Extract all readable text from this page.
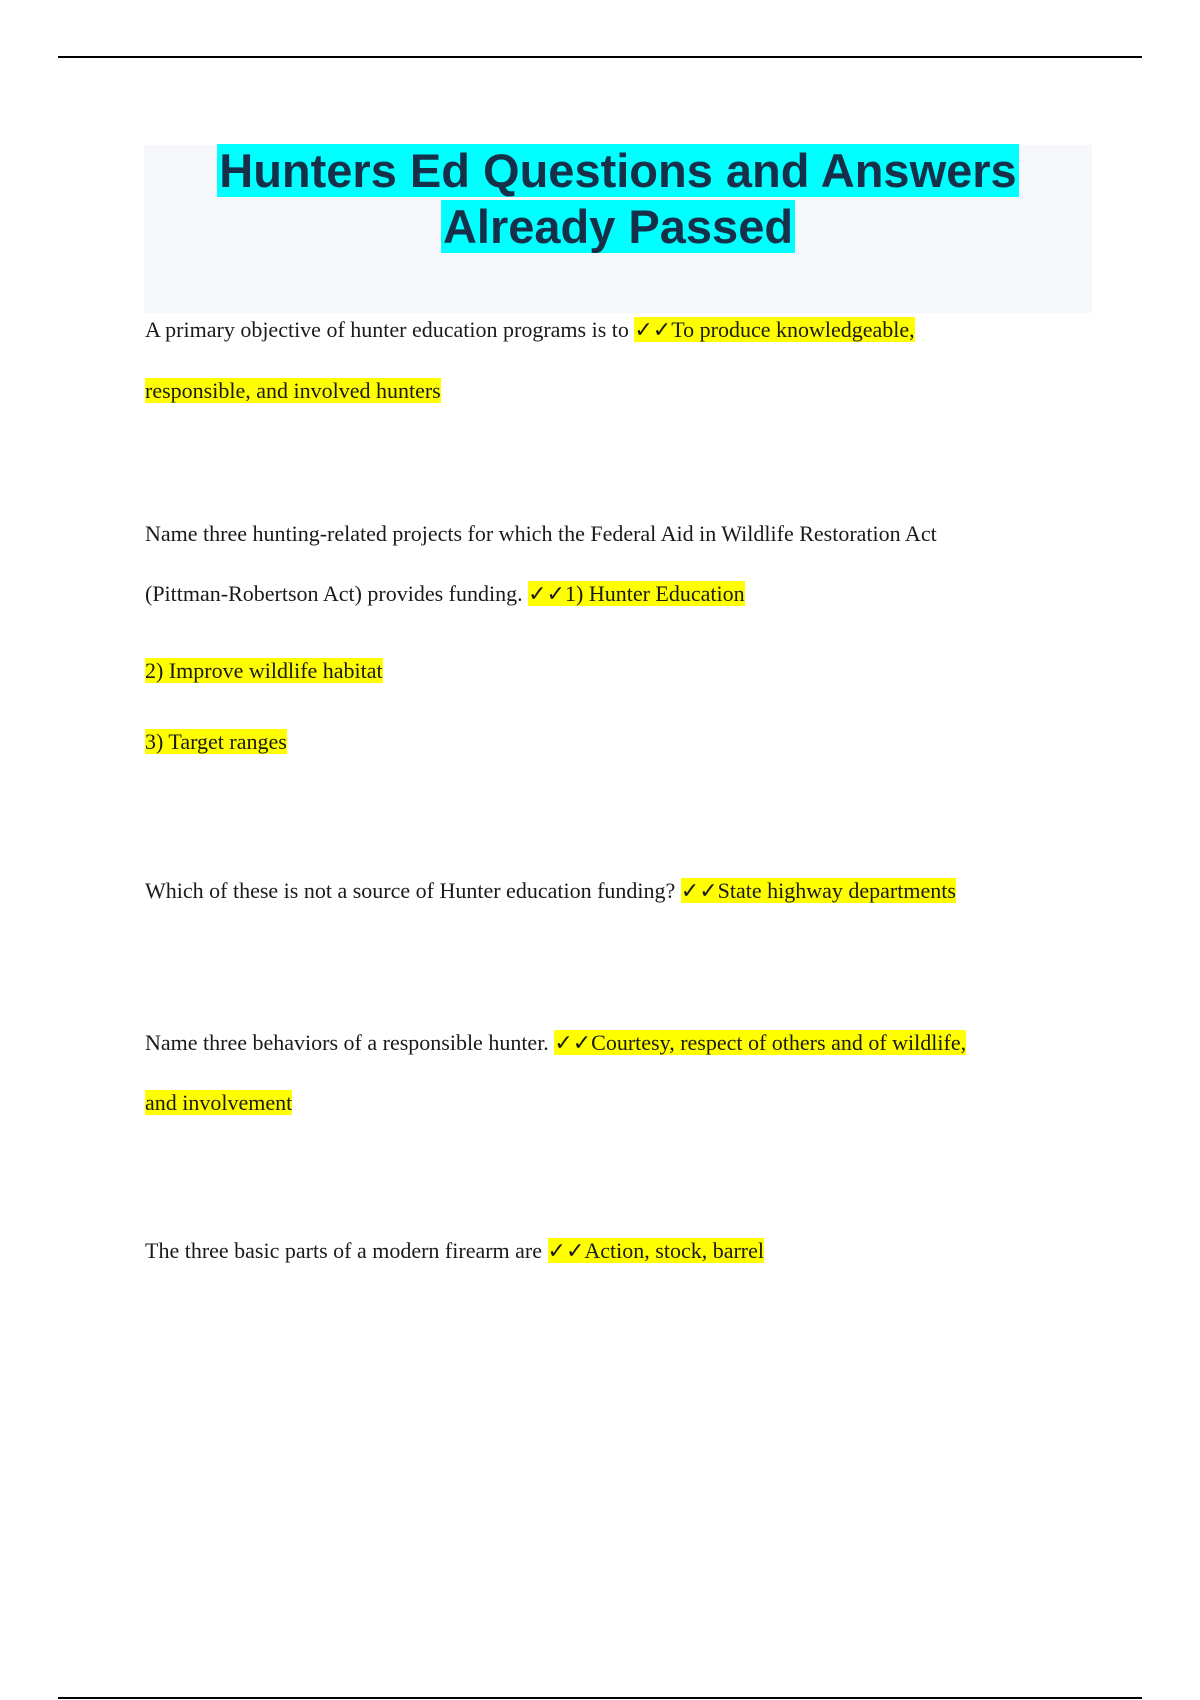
Hunters Ed Questions and Answers
Already Passed
A primary objective of hunter education programs is to ✓✓To produce knowledgeable,
responsible, and involved hunters
Name three hunting-related projects for which the Federal Aid in Wildlife Restoration Act
(Pittman-Robertson Act) provides funding. ✓✓1) Hunter Education
2) Improve wildlife habitat
3) Target ranges
Which of these is not a source of Hunter education funding? ✓✓State highway departments
Name three behaviors of a responsible hunter. ✓✓Courtesy, respect of others and of wildlife,
and involvement
The three basic parts of a modern firearm are ✓✓Action, stock, barrel
